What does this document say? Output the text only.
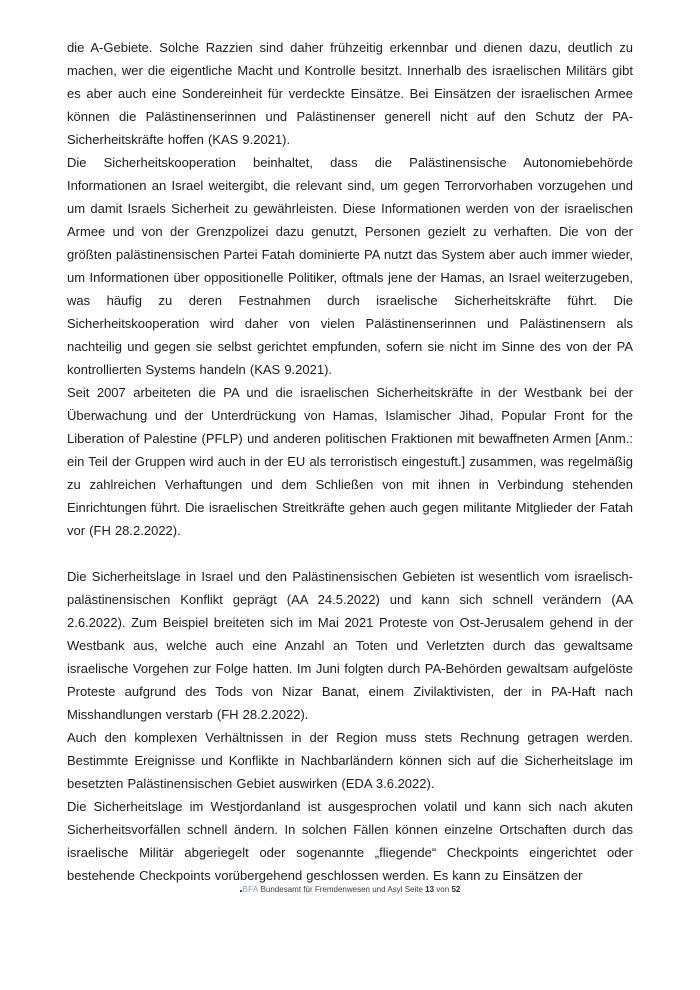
die A-Gebiete. Solche Razzien sind daher frühzeitig erkennbar und dienen dazu, deutlich zu machen, wer die eigentliche Macht und Kontrolle besitzt. Innerhalb des israelischen Militärs gibt es aber auch eine Sondereinheit für verdeckte Einsätze. Bei Einsätzen der israelischen Armee können die Palästinenserinnen und Palästinenser generell nicht auf den Schutz der PA-Sicherheitskräfte hoffen (KAS 9.2021).

Die Sicherheitskooperation beinhaltet, dass die Palästinensische Autonomiebehörde Informationen an Israel weitergibt, die relevant sind, um gegen Terrorvorhaben vorzugehen und um damit Israels Sicherheit zu gewährleisten. Diese Informationen werden von der israelischen Armee und von der Grenzpolizei dazu genutzt, Personen gezielt zu verhaften. Die von der größten palästinensischen Partei Fatah dominierte PA nutzt das System aber auch immer wieder, um Informationen über oppositionelle Politiker, oftmals jene der Hamas, an Israel weiterzugeben, was häufig zu deren Festnahmen durch israelische Sicherheitskräfte führt. Die Sicherheitskooperation wird daher von vielen Palästinenserinnen und Palästinensern als nachteilig und gegen sie selbst gerichtet empfunden, sofern sie nicht im Sinne des von der PA kontrollierten Systems handeln (KAS 9.2021).

Seit 2007 arbeiteten die PA und die israelischen Sicherheitskräfte in der Westbank bei der Überwachung und der Unterdrückung von Hamas, Islamischer Jihad, Popular Front for the Liberation of Palestine (PFLP) und anderen politischen Fraktionen mit bewaffneten Armen [Anm.: ein Teil der Gruppen wird auch in der EU als terroristisch eingestuft.] zusammen, was regelmäßig zu zahlreichen Verhaftungen und dem Schließen von mit ihnen in Verbindung stehenden Einrichtungen führt. Die israelischen Streitkräfte gehen auch gegen militante Mitglieder der Fatah vor (FH 28.2.2022).

Die Sicherheitslage in Israel und den Palästinensischen Gebieten ist wesentlich vom israelisch-palästinensischen Konflikt geprägt (AA 24.5.2022) und kann sich schnell verändern (AA 2.6.2022). Zum Beispiel breiteten sich im Mai 2021 Proteste von Ost-Jerusalem gehend in der Westbank aus, welche auch eine Anzahl an Toten und Verletzten durch das gewaltsame israelische Vorgehen zur Folge hatten. Im Juni folgten durch PA-Behörden gewaltsam aufgelöste Proteste aufgrund des Tods von Nizar Banat, einem Zivilaktivisten, der in PA-Haft nach Misshandlungen verstarb (FH 28.2.2022).

Auch den komplexen Verhältnissen in der Region muss stets Rechnung getragen werden. Bestimmte Ereignisse und Konflikte in Nachbarländern können sich auf die Sicherheitslage im besetzten Palästinensischen Gebiet auswirken (EDA 3.6.2022).

Die Sicherheitslage im Westjordanland ist ausgesprochen volatil und kann sich nach akuten Sicherheitsvorfällen schnell ändern. In solchen Fällen können einzelne Ortschaften durch das israelische Militär abgeriegelt oder sogenannte „fliegende“ Checkpoints eingerichtet oder bestehende Checkpoints vorübergehend geschlossen werden. Es kann zu Einsätzen der

BFA Bundesamt für Fremdenwesen und Asyl Seite 13 von 52
